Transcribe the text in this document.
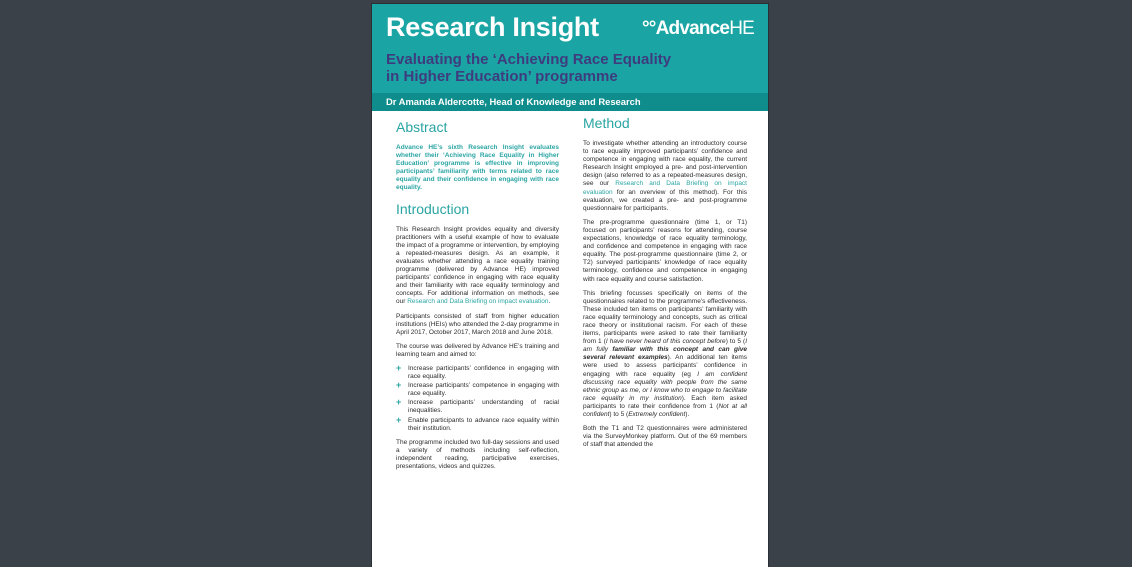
Research Insight °°AdvanceHE
Evaluating the ‘Achieving Race Equality
in Higher Education’ programme
Dr Amanda Aldercotte, Head of Knowledge and Research
Abstract

Advance HE’s sixth Research Insight evaluates whether their ‘Achieving Race Equality in Higher Education’ programme is effective in improving participants’ familiarity with terms related to race equality and their confidence in engaging with race equality.

Introduction

This Research Insight provides equality and diversity practitioners with a useful example of how to evaluate the impact of a programme or intervention, by employing a repeated-measures design. As an example, it evaluates whether attending a race equality training programme (delivered by Advance HE) improved participants’ confidence in engaging with race equality and their familiarity with race equality terminology and concepts. For additional information on methods, see our Research and Data Briefing on impact evaluation.

Participants consisted of staff from higher education institutions (HEIs) who attended the 2-day programme in April 2017, October 2017, March 2018 and June 2018.

The course was delivered by Advance HE’s training and learning team and aimed to:

+ Increase participants’ confidence in engaging with race equality.
+ Increase participants’ competence in engaging with race equality.
+ Increase participants’ understanding of racial inequalities.
+ Enable participants to advance race equality within their institution.

The programme included two full-day sessions and used a variety of methods including self-reflection, independent reading, participative exercises, presentations, videos and quizzes.

Method

To investigate whether attending an introductory course to race equality improved participants’ confidence and competence in engaging with race equality, the current Research Insight employed a pre- and post-intervention design (also referred to as a repeated-measures design, see our Research and Data Briefing on impact evaluation for an overview of this method). For this evaluation, we created a pre- and post-programme questionnaire for participants.

The pre-programme questionnaire (time 1, or T1) focused on participants’ reasons for attending, course expectations, knowledge of race equality terminology, and confidence and competence in engaging with race equality. The post-programme questionnaire (time 2, or T2) surveyed participants’ knowledge of race equality terminology, confidence and competence in engaging with race equality and course satisfaction.

This briefing focusses specifically on items of the questionnaires related to the programme’s effectiveness. These included ten items on participants’ familiarity with race equality terminology and concepts, such as critical race theory or institutional racism. For each of these items, participants were asked to rate their familiarity from 1 (I have never heard of this concept before) to 5 (I am fully familiar with this concept and can give several relevant examples). An additional ten items were used to assess participants’ confidence in engaging with race equality (eg I am confident discussing race equality with people from the same ethnic group as me, or I know who to engage to facilitate race equality in my institution). Each item asked participants to rate their confidence from 1 (Not at all confident) to 5 (Extremely confident).

Both the T1 and T2 questionnaires were administered via the SurveyMonkey platform. Out of the 69 members of staff that attended the
